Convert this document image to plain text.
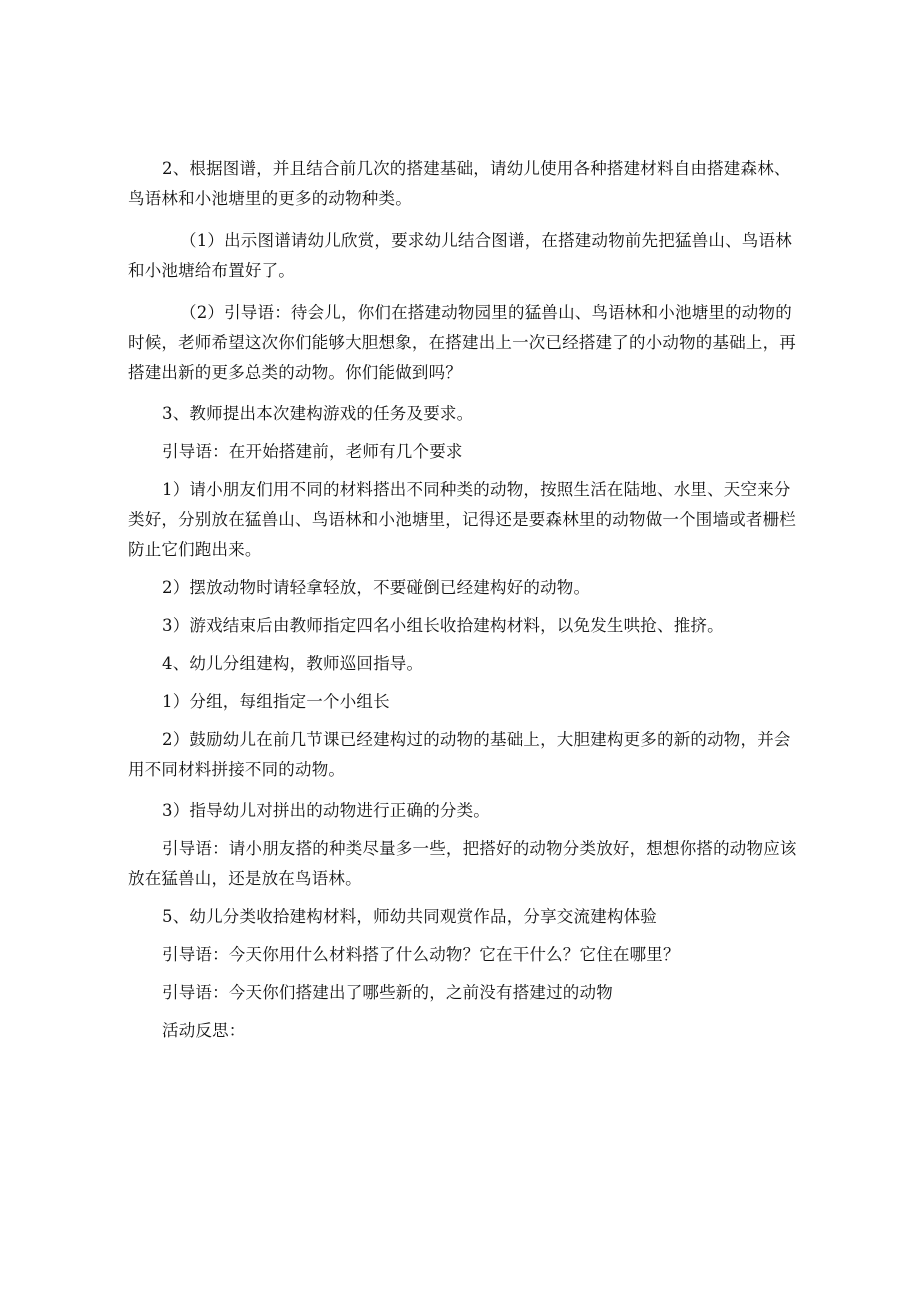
2、根据图谱，并且结合前几次的搭建基础，请幼儿使用各种搭建材料自由搭建森林、鸟语林和小池塘里的更多的动物种类。

（1）出示图谱请幼儿欣赏，要求幼儿结合图谱，在搭建动物前先把猛兽山、鸟语林和小池塘给布置好了。

（2）引导语：待会儿，你们在搭建动物园里的猛兽山、鸟语林和小池塘里的动物的时候，老师希望这次你们能够大胆想象，在搭建出上一次已经搭建了的小动物的基础上，再搭建出新的更多总类的动物。你们能做到吗？

3、教师提出本次建构游戏的任务及要求。

引导语：在开始搭建前，老师有几个要求

1）请小朋友们用不同的材料搭出不同种类的动物，按照生活在陆地、水里、天空来分类好，分别放在猛兽山、鸟语林和小池塘里，记得还是要森林里的动物做一个围墙或者栅栏防止它们跑出来。

2）摆放动物时请轻拿轻放，不要碰倒已经建构好的动物。

3）游戏结束后由教师指定四名小组长收拾建构材料，以免发生哄抢、推挤。

4、幼儿分组建构，教师巡回指导。

1）分组，每组指定一个小组长

2）鼓励幼儿在前几节课已经建构过的动物的基础上，大胆建构更多的新的动物，并会用不同材料拼接不同的动物。

3）指导幼儿对拼出的动物进行正确的分类。

引导语：请小朋友搭的种类尽量多一些，把搭好的动物分类放好，想想你搭的动物应该放在猛兽山，还是放在鸟语林。

5、幼儿分类收拾建构材料，师幼共同观赏作品，分享交流建构体验

引导语：今天你用什么材料搭了什么动物？它在干什么？它住在哪里？

引导语：今天你们搭建出了哪些新的，之前没有搭建过的动物

活动反思：
